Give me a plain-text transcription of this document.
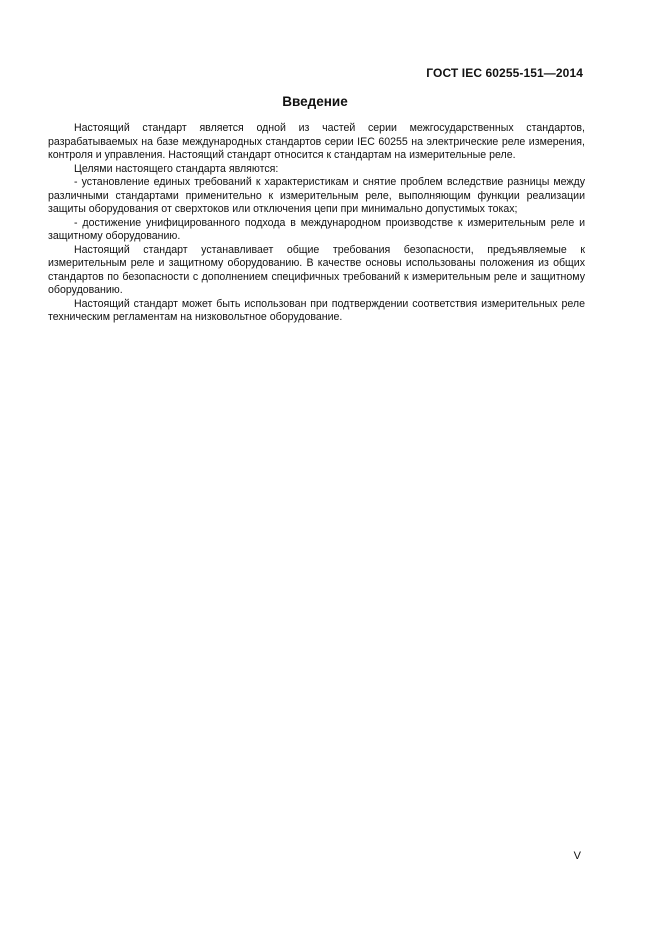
ГОСТ IEC 60255-151—2014
Введение

Настоящий стандарт является одной из частей серии межгосударственных стандартов, разрабатываемых на базе международных стандартов серии IEC 60255 на электрические реле измерения, контроля и управления. Настоящий стандарт относится к стандартам на измерительные реле.

Целями настоящего стандарта являются:

- установление единых требований к характеристикам и снятие проблем вследствие разницы между различными стандартами применительно к измерительным реле, выполняющим функции реализации защиты оборудования от сверхтоков или отключения цепи при минимально допустимых токах;

- достижение унифицированного подхода в международном производстве к измерительным реле и защитному оборудованию.

Настоящий стандарт устанавливает общие требования безопасности, предъявляемые к измерительным реле и защитному оборудованию. В качестве основы использованы положения из общих стандартов по безопасности с дополнением специфичных требований к измерительным реле и защитному оборудованию.

Настоящий стандарт может быть использован при подтверждении соответствия измерительных реле техническим регламентам на низковольтное оборудование.

V
